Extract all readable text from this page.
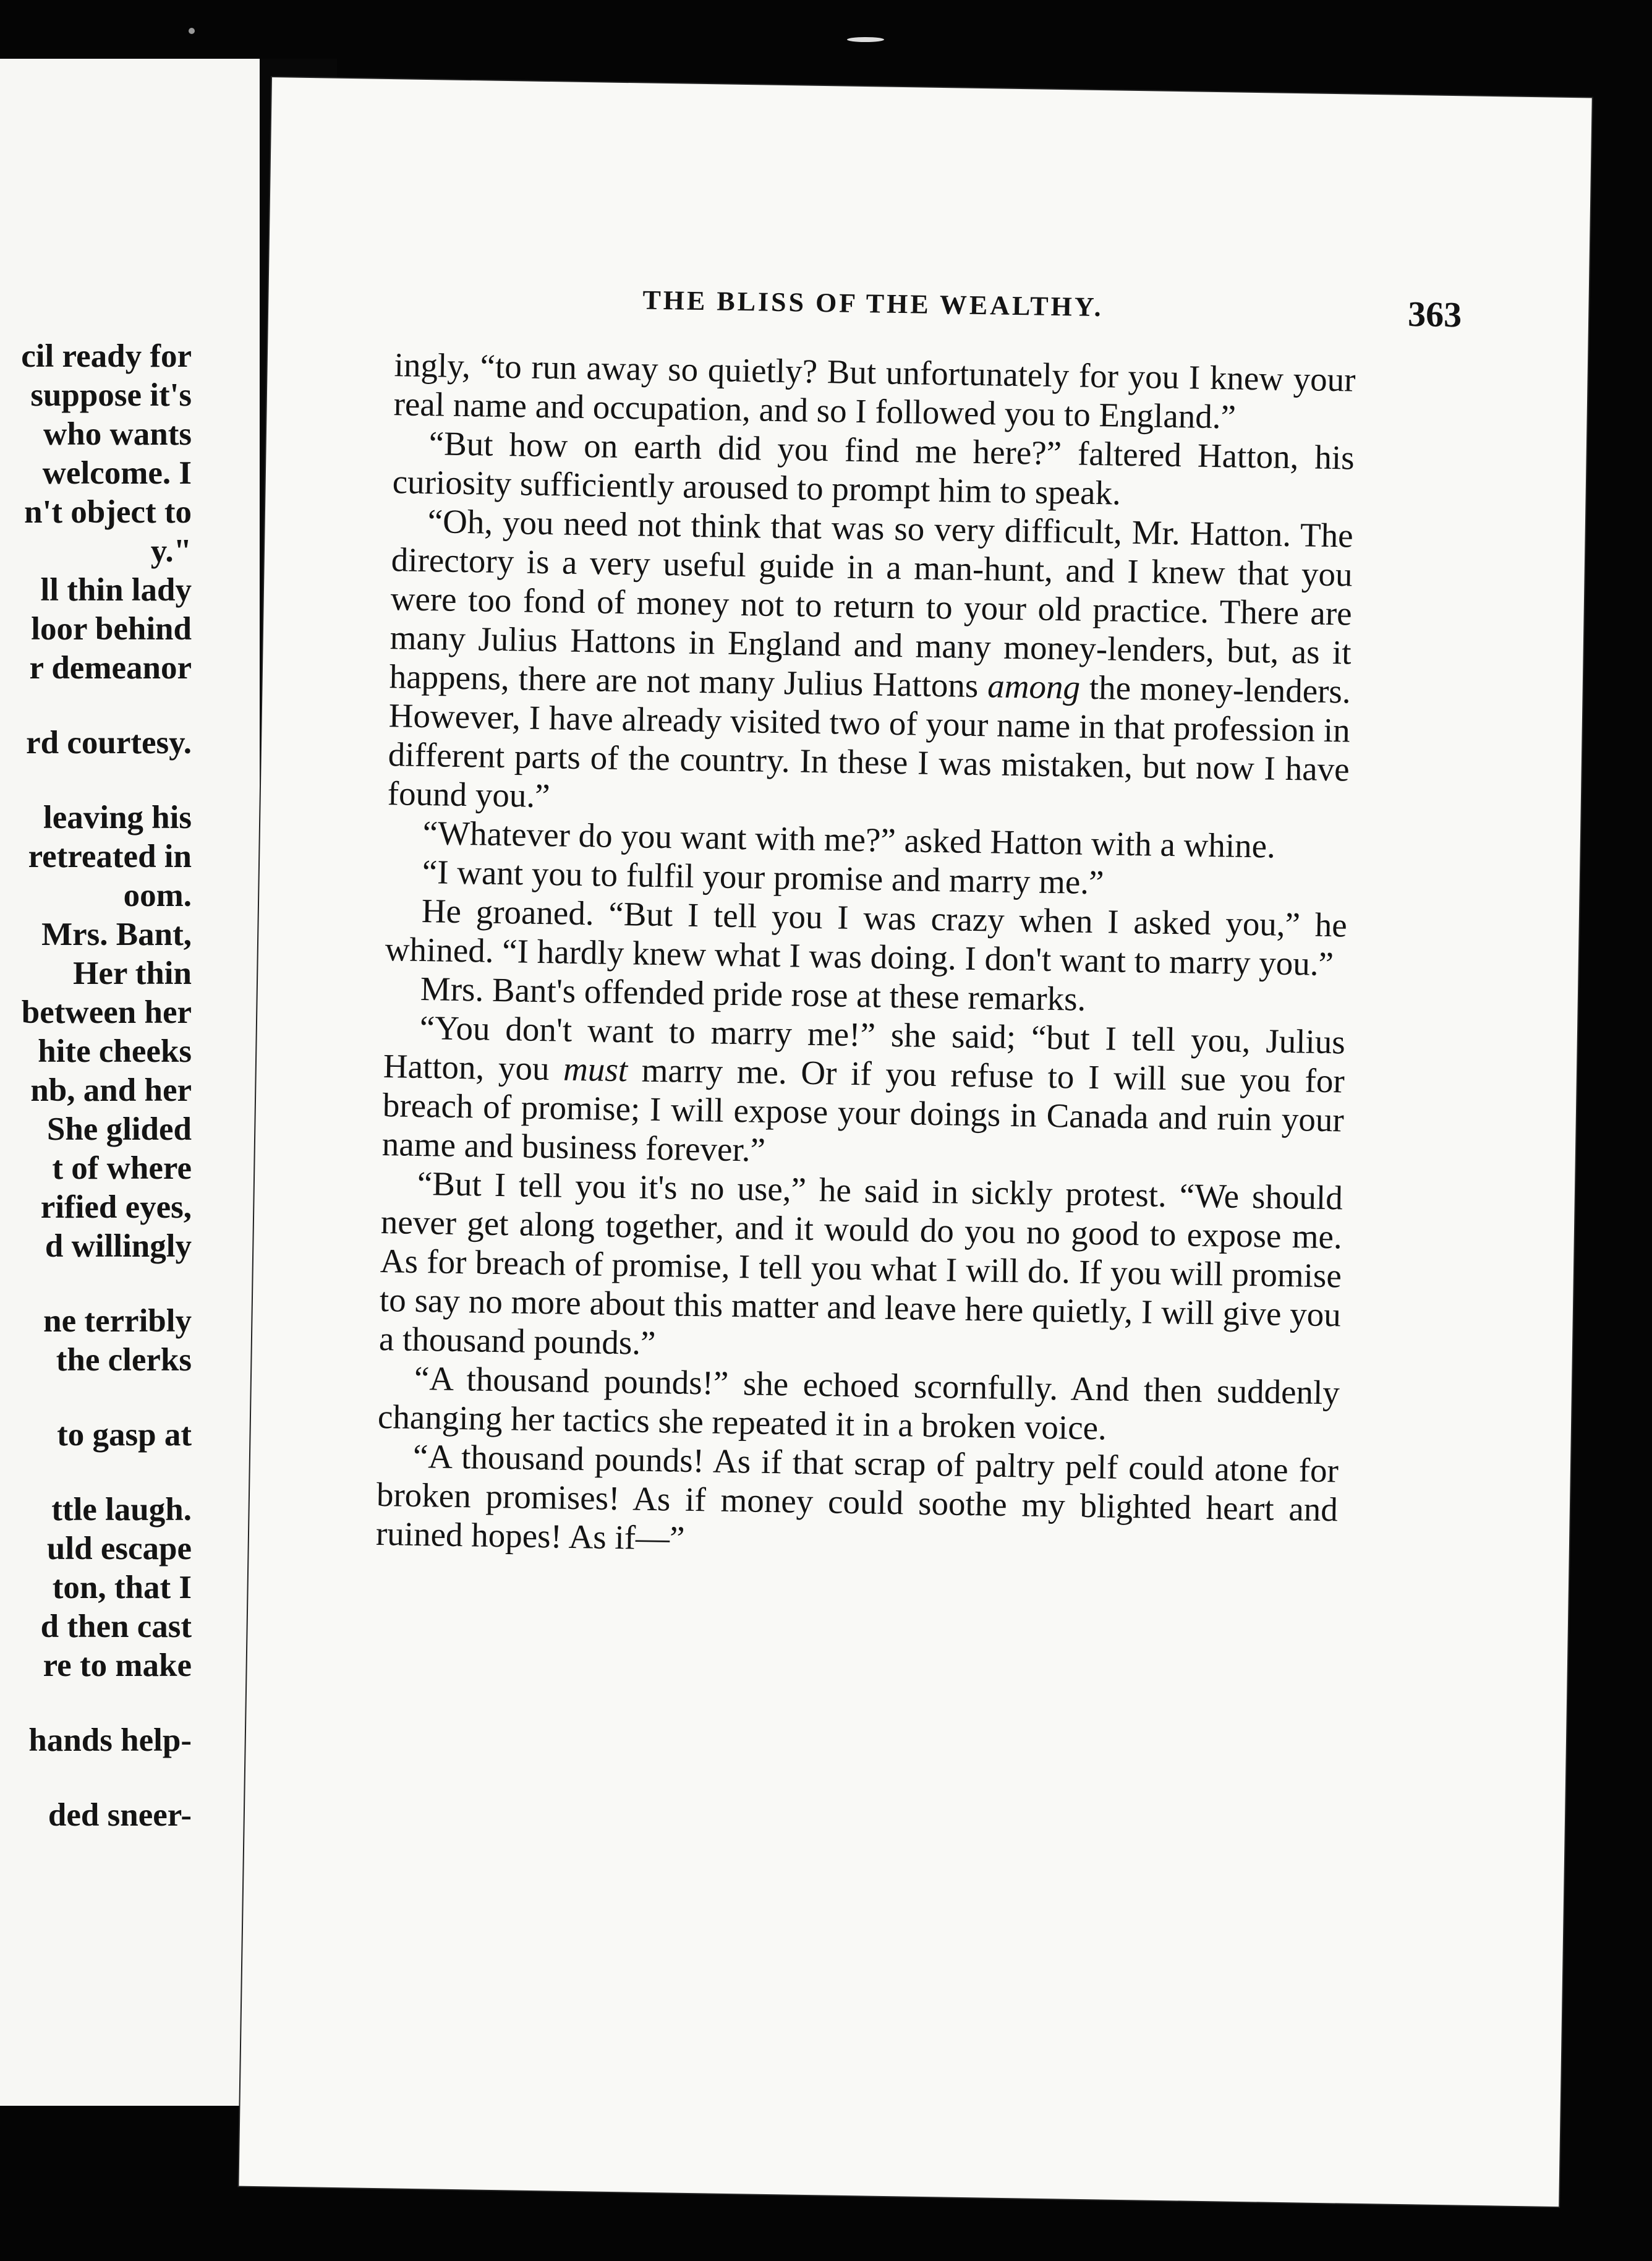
cil ready for
suppose it's
who wants
welcome. I
n't object to
y."
ll thin lady
loor behind
r demeanor
rd courtesy.
leaving his
retreated in
oom.
Mrs. Bant,
Her thin
between her
hite cheeks
nb, and her
She glided
t of where
rified eyes,
d willingly
ne terribly
the clerks
to gasp at
ttle laugh.
uld escape
ton, that I
d then cast
re to make
hands help-
ded sneer-
THE BLISS OF THE WEALTHY.	363

ingly, “to run away so quietly? But unfortunately for you I knew your real name and occupation, and so I followed you to England.”

“But how on earth did you find me here?” faltered Hatton, his curiosity sufficiently aroused to prompt him to speak.

“Oh, you need not think that was so very difficult, Mr. Hatton. The directory is a very useful guide in a man-hunt, and I knew that you were too fond of money not to return to your old practice. There are many Julius Hattons in England and many money-lenders, but, as it happens, there are not many Julius Hattons among the money-lenders. However, I have already visited two of your name in that profession in different parts of the country. In these I was mistaken, but now I have found you.”

“Whatever do you want with me?” asked Hatton with a whine.

“I want you to fulfil your promise and marry me.”

He groaned. “But I tell you I was crazy when I asked you,” he whined. “I hardly knew what I was doing. I don't want to marry you.”

Mrs. Bant's offended pride rose at these remarks.

“You don't want to marry me!” she said; “but I tell you, Julius Hatton, you must marry me. Or if you refuse to I will sue you for breach of promise; I will expose your doings in Canada and ruin your name and business forever.”

“But I tell you it's no use,” he said in sickly protest. “We should never get along together, and it would do you no good to expose me. As for breach of promise, I tell you what I will do. If you will promise to say no more about this matter and leave here quietly, I will give you a thousand pounds.”

“A thousand pounds!” she echoed scornfully. And then suddenly changing her tactics she repeated it in a broken voice.

“A thousand pounds! As if that scrap of paltry pelf could atone for broken promises! As if money could soothe my blighted heart and ruined hopes! As if—”
